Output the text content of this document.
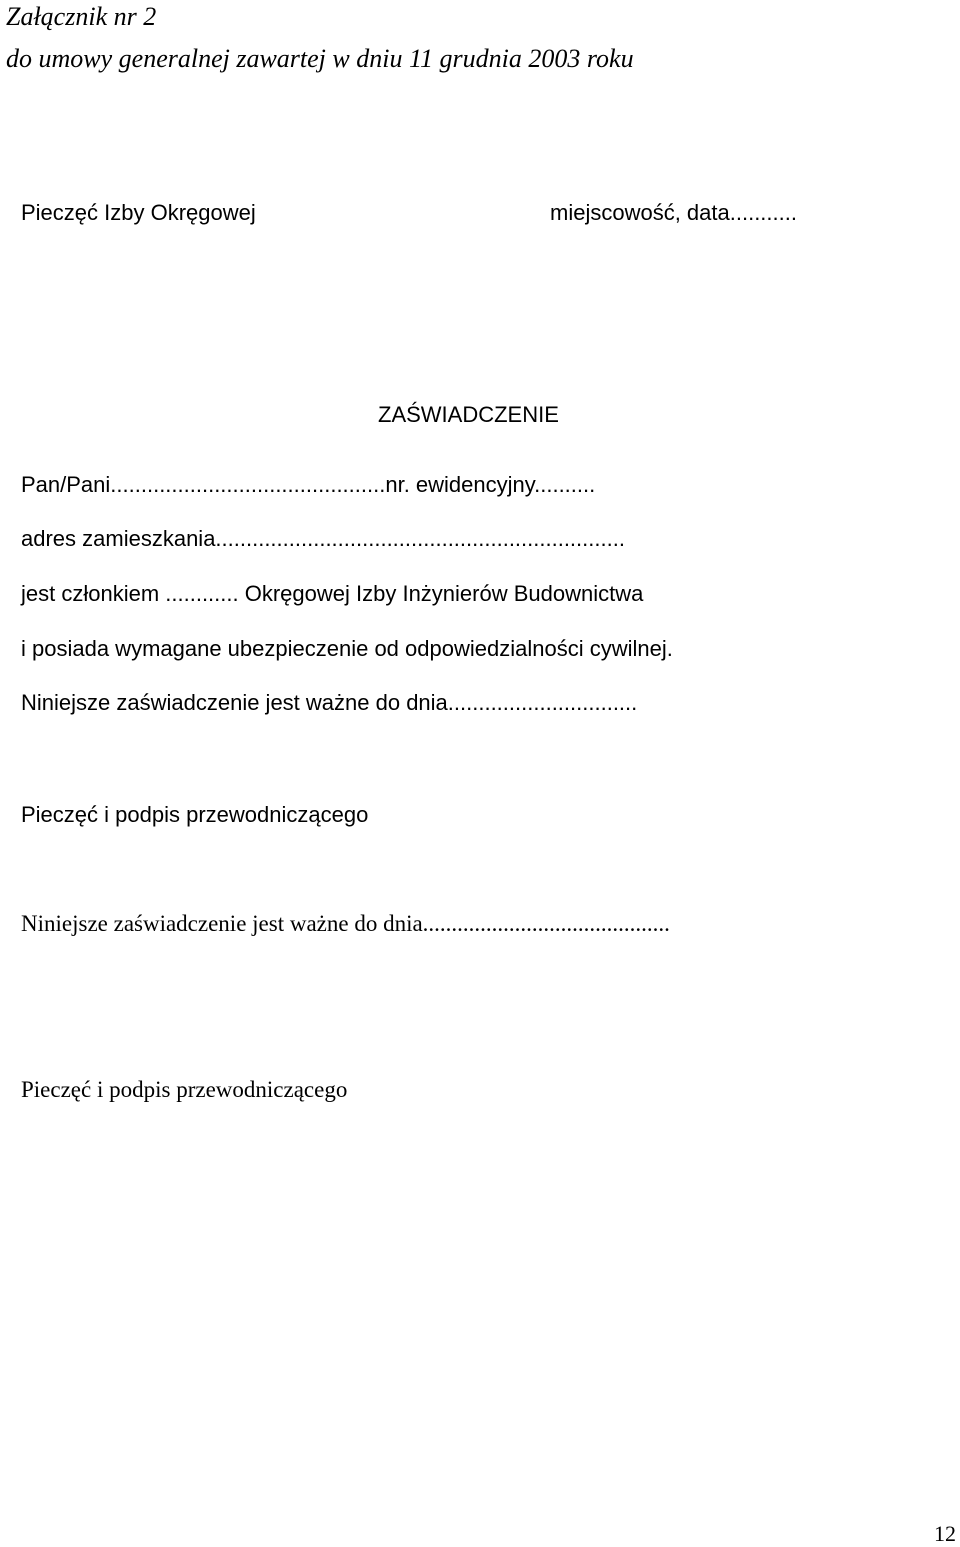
Załącznik nr 2

do umowy generalnej zawartej w dniu 11 grudnia 2003 roku

Pieczęć Izby Okręgowej	miejscowość, data...........

ZAŚWIADCZENIE

Pan/Pani.............................................nr. ewidencyjny..........

adres zamieszkania...................................................................

jest członkiem ............ Okręgowej Izby Inżynierów Budownictwa

i posiada wymagane ubezpieczenie od odpowiedzialności cywilnej.

Niniejsze zaświadczenie jest ważne do dnia...............................

Pieczęć i podpis przewodniczącego

Niniejsze zaświadczenie jest ważne do dnia...........................................

Pieczęć i podpis przewodniczącego

12
